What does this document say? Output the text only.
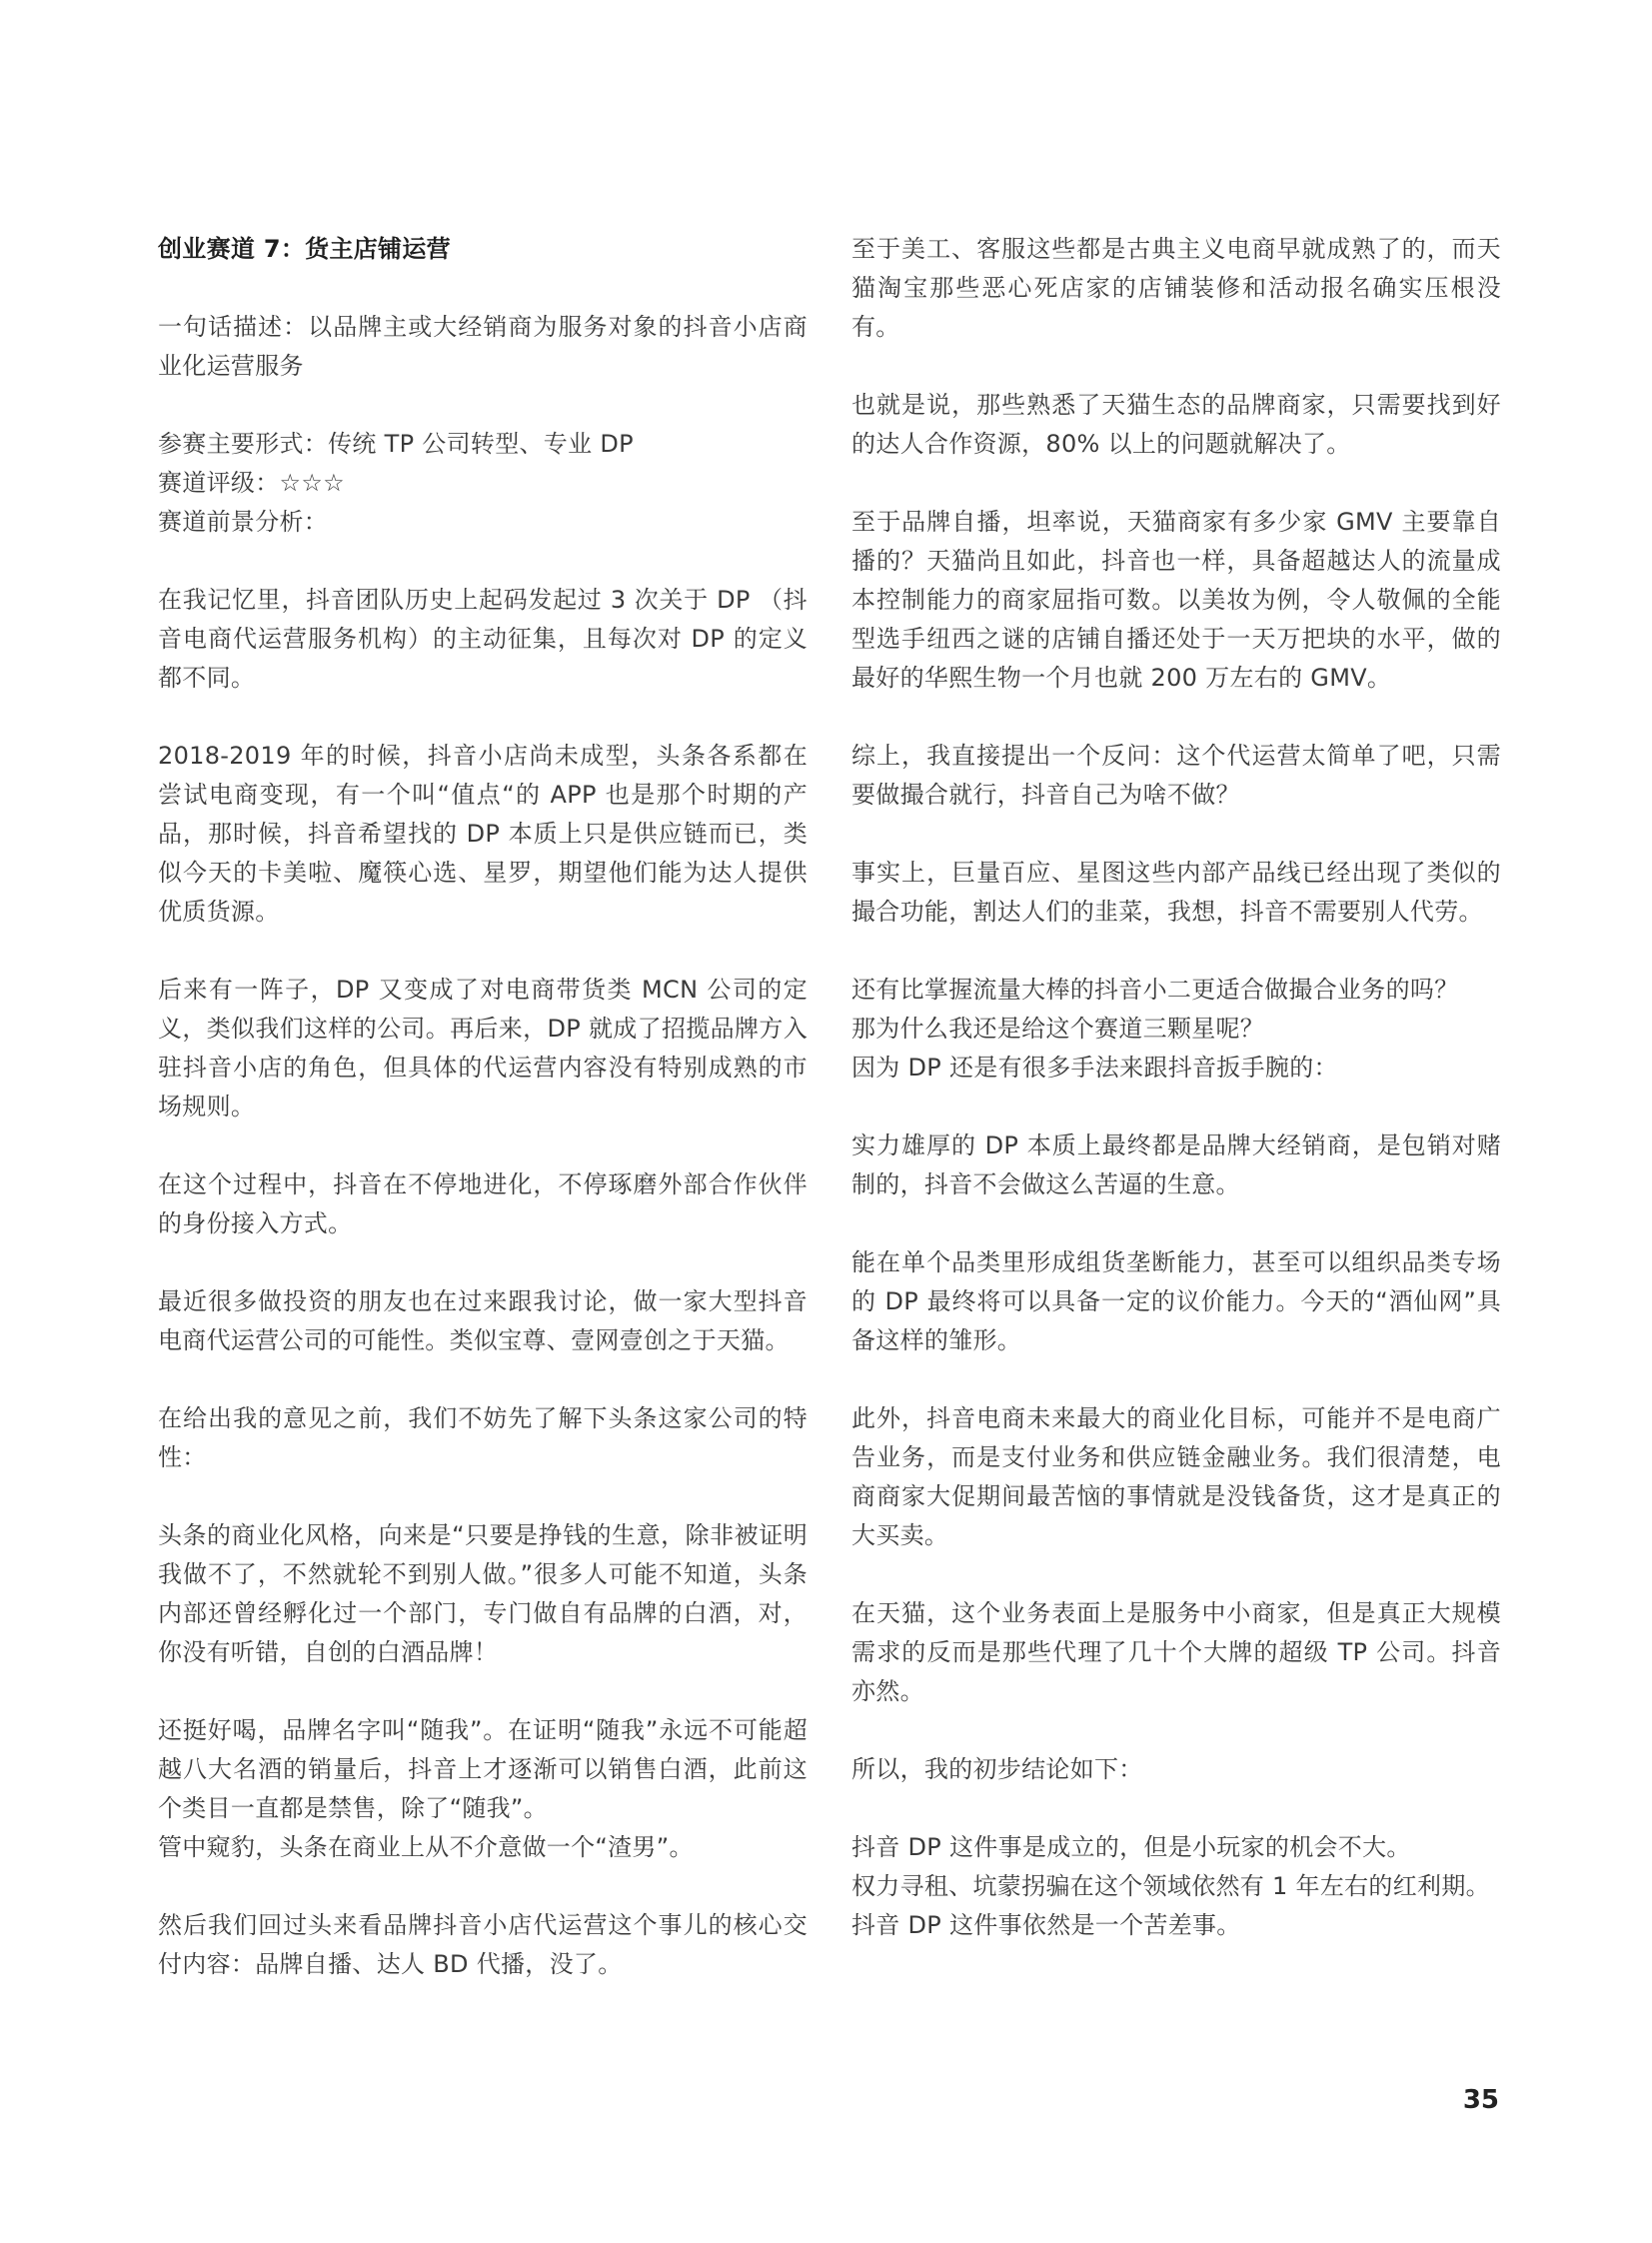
创业赛道 7：货主店铺运营

一句话描述：以品牌主或大经销商为服务对象的抖音小店商业化运营服务

参赛主要形式：传统 TP 公司转型、专业 DP
赛道评级：☆☆☆
赛道前景分析：

在我记忆里，抖音团队历史上起码发起过 3 次关于 DP （抖音电商代运营服务机构）的主动征集，且每次对 DP 的定义都不同。

2018-2019 年的时候，抖音小店尚未成型，头条各系都在尝试电商变现，有一个叫“值点“的 APP 也是那个时期的产品，那时候，抖音希望找的 DP 本质上只是供应链而已，类似今天的卡美啦、魔筷心选、星罗，期望他们能为达人提供优质货源。

后来有一阵子，DP 又变成了对电商带货类 MCN 公司的定义，类似我们这样的公司。再后来，DP 就成了招揽品牌方入驻抖音小店的角色，但具体的代运营内容没有特别成熟的市场规则。

在这个过程中，抖音在不停地进化，不停琢磨外部合作伙伴的身份接入方式。

最近很多做投资的朋友也在过来跟我讨论，做一家大型抖音电商代运营公司的可能性。类似宝尊、壹网壹创之于天猫。

在给出我的意见之前，我们不妨先了解下头条这家公司的特性：

头条的商业化风格，向来是“只要是挣钱的生意，除非被证明我做不了，不然就轮不到别人做。”很多人可能不知道，头条内部还曾经孵化过一个部门，专门做自有品牌的白酒，对，你没有听错，自创的白酒品牌！

还挺好喝，品牌名字叫“随我”。在证明“随我”永远不可能超越八大名酒的销量后，抖音上才逐渐可以销售白酒，此前这个类目一直都是禁售，除了“随我”。
管中窥豹，头条在商业上从不介意做一个“渣男”。

然后我们回过头来看品牌抖音小店代运营这个事儿的核心交付内容：品牌自播、达人 BD 代播，没了。

至于美工、客服这些都是古典主义电商早就成熟了的，而天猫淘宝那些恶心死店家的店铺装修和活动报名确实压根没有。

也就是说，那些熟悉了天猫生态的品牌商家，只需要找到好的达人合作资源，80% 以上的问题就解决了。

至于品牌自播，坦率说，天猫商家有多少家 GMV 主要靠自播的？天猫尚且如此，抖音也一样，具备超越达人的流量成本控制能力的商家屈指可数。以美妆为例，令人敬佩的全能型选手纽西之谜的店铺自播还处于一天万把块的水平，做的最好的华熙生物一个月也就 200 万左右的 GMV。

综上，我直接提出一个反问：这个代运营太简单了吧，只需要做撮合就行，抖音自己为啥不做？

事实上，巨量百应、星图这些内部产品线已经出现了类似的撮合功能，割达人们的韭菜，我想，抖音不需要别人代劳。

还有比掌握流量大棒的抖音小二更适合做撮合业务的吗？
那为什么我还是给这个赛道三颗星呢？
因为 DP 还是有很多手法来跟抖音扳手腕的：

实力雄厚的 DP 本质上最终都是品牌大经销商，是包销对赌制的，抖音不会做这么苦逼的生意。

能在单个品类里形成组货垄断能力，甚至可以组织品类专场的 DP 最终将可以具备一定的议价能力。今天的“酒仙网”具备这样的雏形。

此外，抖音电商未来最大的商业化目标，可能并不是电商广告业务，而是支付业务和供应链金融业务。我们很清楚，电商商家大促期间最苦恼的事情就是没钱备货，这才是真正的大买卖。

在天猫，这个业务表面上是服务中小商家，但是真正大规模需求的反而是那些代理了几十个大牌的超级 TP 公司。抖音亦然。

所以，我的初步结论如下：

抖音 DP 这件事是成立的，但是小玩家的机会不大。
权力寻租、坑蒙拐骗在这个领域依然有 1 年左右的红利期。
抖音 DP 这件事依然是一个苦差事。

35
